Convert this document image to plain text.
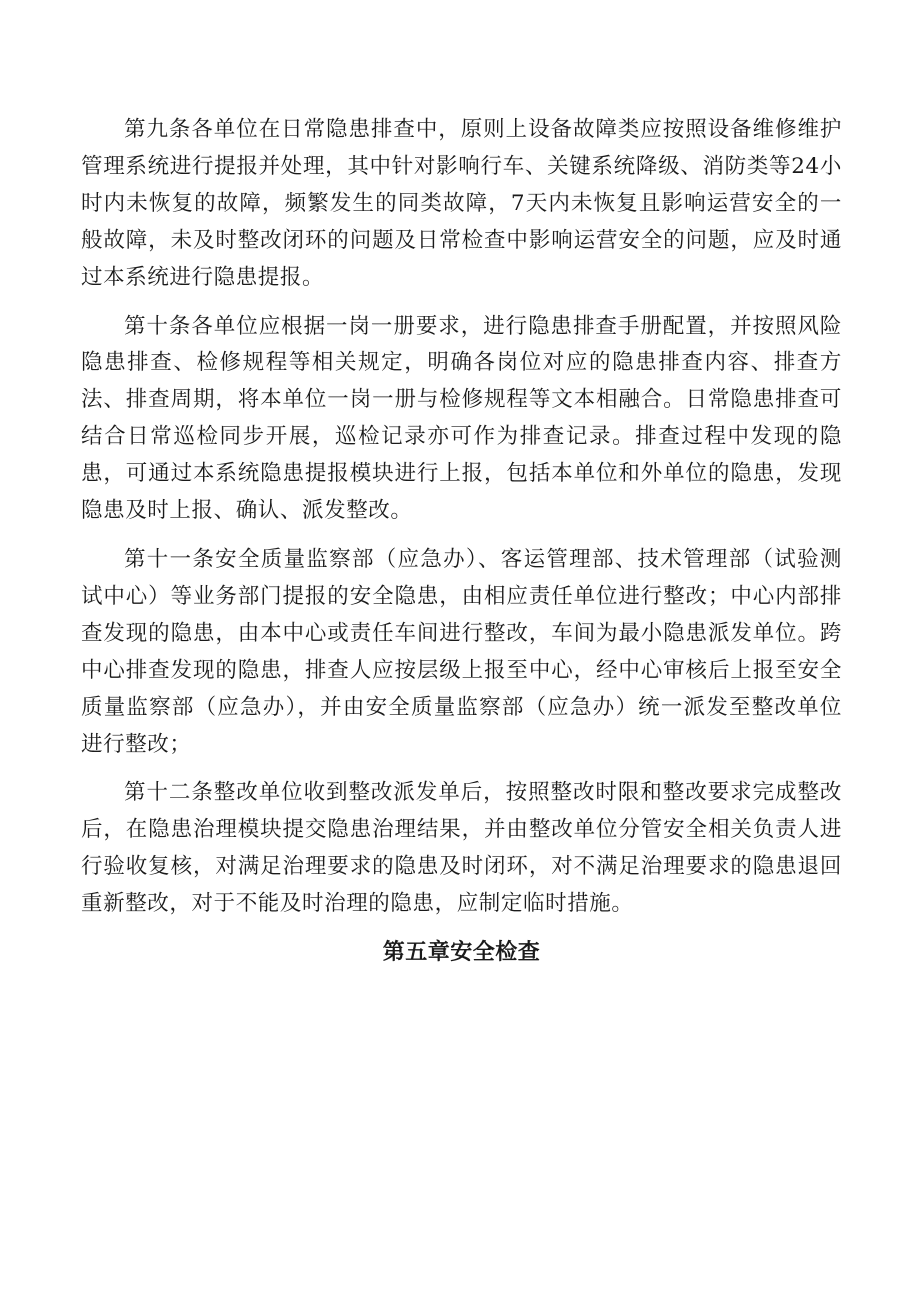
第九条各单位在日常隐患排查中，原则上设备故障类应按照设备维修维护管理系统进行提报并处理，其中针对影响行车、关键系统降级、消防类等24小时内未恢复的故障，频繁发生的同类故障，7天内未恢复且影响运营安全的一般故障，未及时整改闭环的问题及日常检查中影响运营安全的问题，应及时通过本系统进行隐患提报。

第十条各单位应根据一岗一册要求，进行隐患排查手册配置，并按照风险隐患排查、检修规程等相关规定，明确各岗位对应的隐患排查内容、排查方法、排查周期，将本单位一岗一册与检修规程等文本相融合。日常隐患排查可结合日常巡检同步开展，巡检记录亦可作为排查记录。排查过程中发现的隐患，可通过本系统隐患提报模块进行上报，包括本单位和外单位的隐患，发现隐患及时上报、确认、派发整改。

第十一条安全质量监察部（应急办）、客运管理部、技术管理部（试验测试中心）等业务部门提报的安全隐患，由相应责任单位进行整改；中心内部排查发现的隐患，由本中心或责任车间进行整改，车间为最小隐患派发单位。跨中心排查发现的隐患，排查人应按层级上报至中心，经中心审核后上报至安全质量监察部（应急办），并由安全质量监察部（应急办）统一派发至整改单位进行整改；

第十二条整改单位收到整改派发单后，按照整改时限和整改要求完成整改后，在隐患治理模块提交隐患治理结果，并由整改单位分管安全相关负责人进行验收复核，对满足治理要求的隐患及时闭环，对不满足治理要求的隐患退回重新整改，对于不能及时治理的隐患，应制定临时措施。

第五章安全检查
